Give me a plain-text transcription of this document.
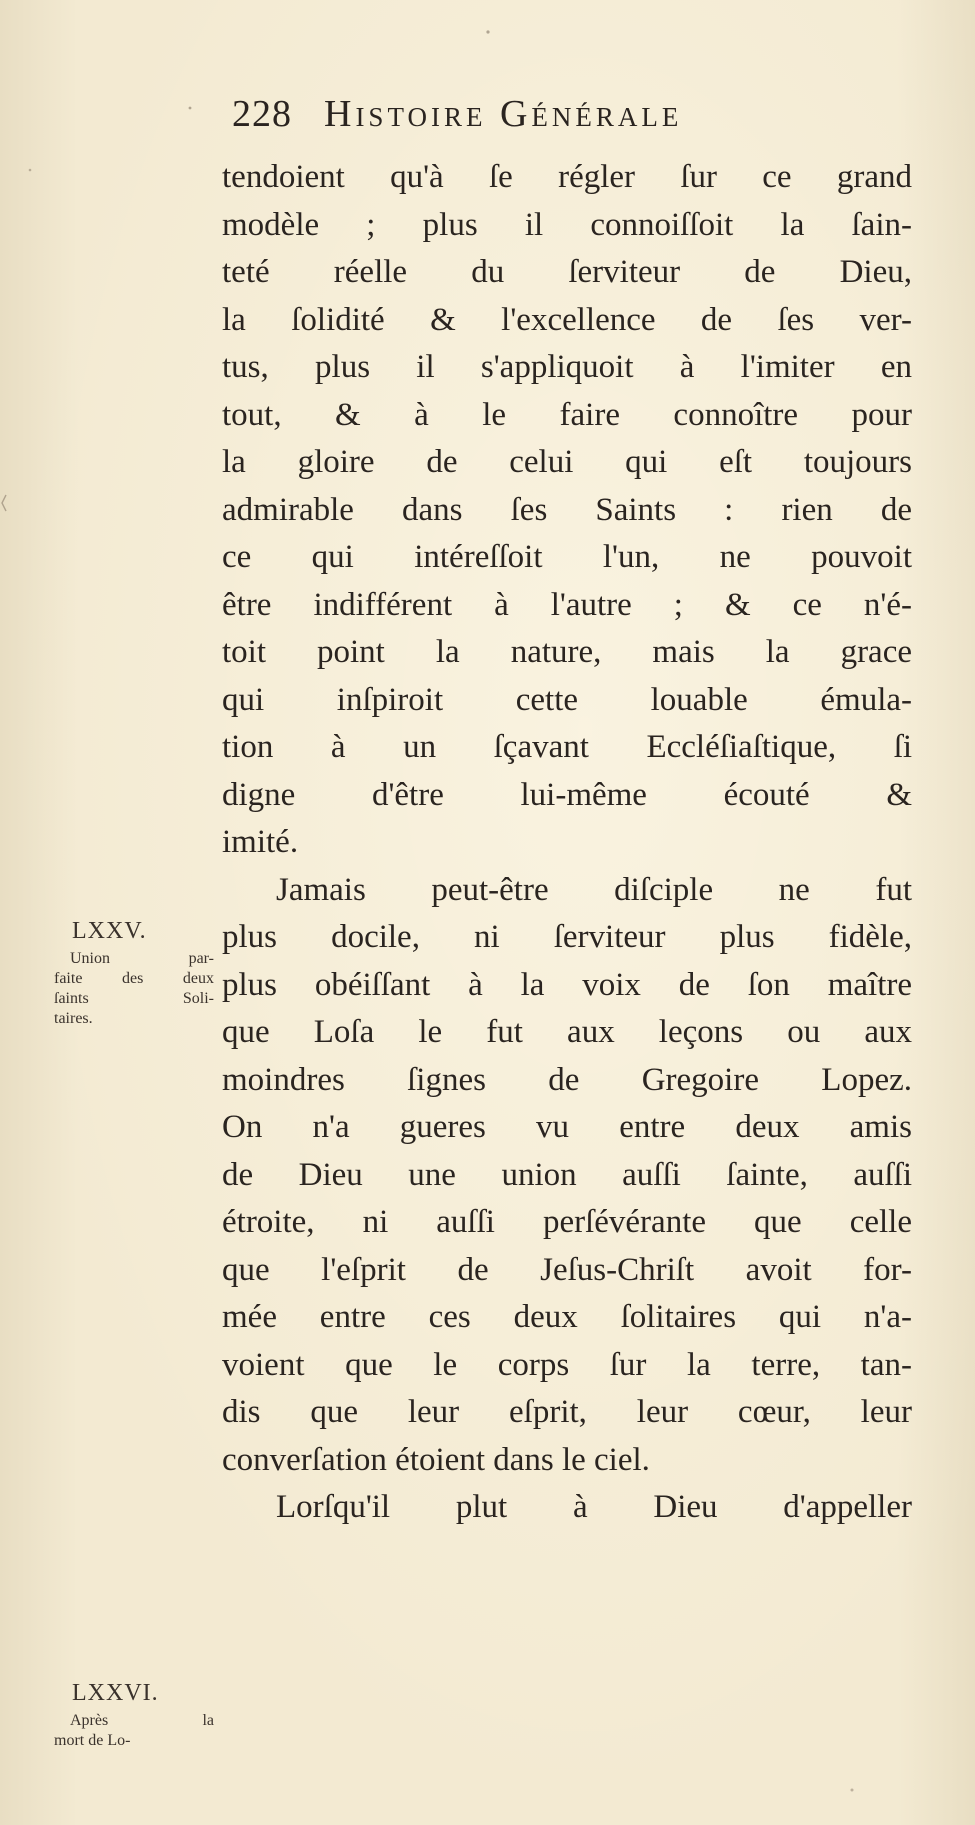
228 Histoire Générale
tendoient qu'à ſe régler ſur ce grand
modèle ; plus il connoiſſoit la ſain-
teté réelle du ſerviteur de Dieu,
la ſolidité & l'excellence de ſes ver-
tus, plus il s'appliquoit à l'imiter en
tout, & à le faire connoître pour
la gloire de celui qui eſt toujours
admirable dans ſes Saints : rien de
ce qui intéreſſoit l'un, ne pouvoit
être indifférent à l'autre ; & ce n'é-
toit point la nature, mais la grace
qui inſpiroit cette louable émula-
tion à un ſçavant Eccléſiaſtique, ſi
digne d'être lui-même écouté &
imité.
Jamais peut-être diſciple ne fut
plus docile, ni ſerviteur plus fidèle,
plus obéiſſant à la voix de ſon maître
que Loſa le fut aux leçons ou aux
moindres ſignes de Gregoire Lopez.
On n'a gueres vu entre deux amis
de Dieu une union auſſi ſainte, auſſi
étroite, ni auſſi perſévérante que celle
que l'eſprit de Jeſus-Chriſt avoit for-
mée entre ces deux ſolitaires qui n'a-
voient que le corps ſur la terre, tan-
dis que leur eſprit, leur cœur, leur
converſation étoient dans le ciel.
Lorſqu'il plut à Dieu d'appeller
LXXV.
Union par-
faite des deux
ſaints Soli-
taires.
LXXVI.
Après la
mort de Lo-
